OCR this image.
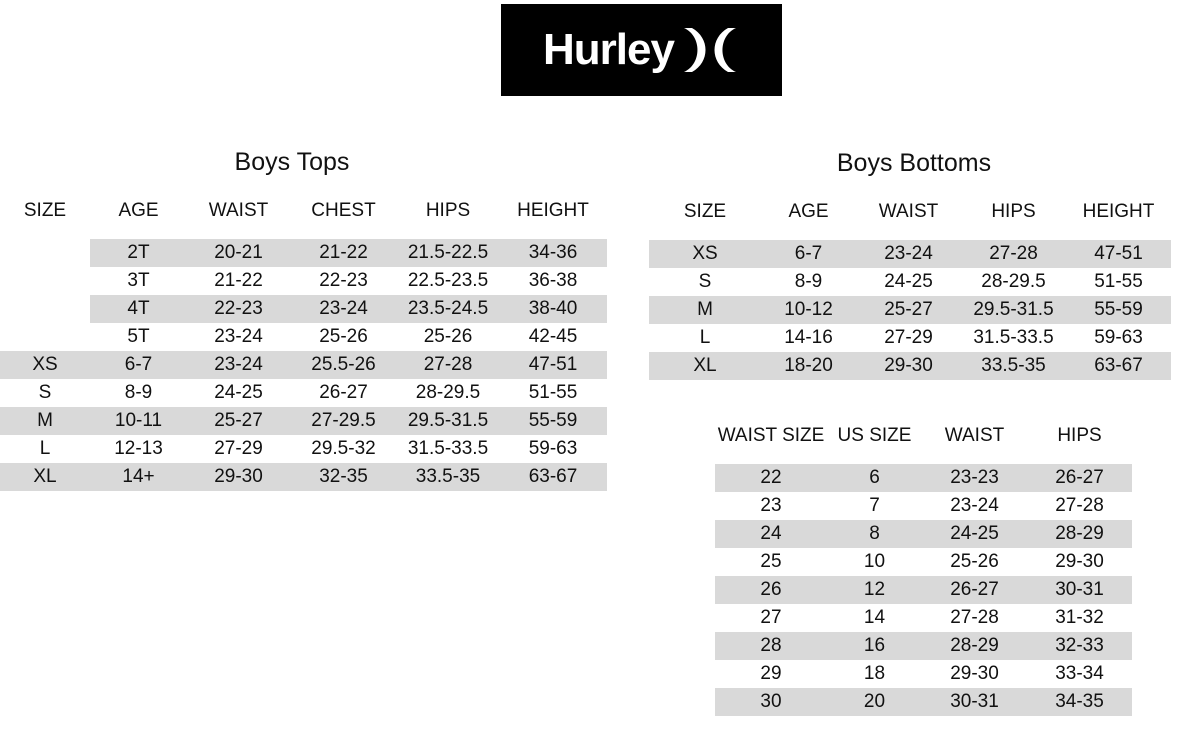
Hurley
Boys Tops
SIZE	AGE	WAIST	CHEST	HIPS	HEIGHT

	2T	20-21	21-22	21.5-22.5	34-36
	3T	21-22	22-23	22.5-23.5	36-38
	4T	22-23	23-24	23.5-24.5	38-40
	5T	23-24	25-26	25-26	42-45
XS	6-7	23-24	25.5-26	27-28	47-51
S	8-9	24-25	26-27	28-29.5	51-55
M	10-11	25-27	27-29.5	29.5-31.5	55-59
L	12-13	27-29	29.5-32	31.5-33.5	59-63
XL	14+	29-30	32-35	33.5-35	63-67
Boys Bottoms
SIZE	AGE	WAIST	HIPS	HEIGHT

XS	6-7	23-24	27-28	47-51
S	8-9	24-25	28-29.5	51-55
M	10-12	25-27	29.5-31.5	55-59
L	14-16	27-29	31.5-33.5	59-63
XL	18-20	29-30	33.5-35	63-67
WAIST SIZE	US SIZE	WAIST	HIPS

22	6	23-23	26-27
23	7	23-24	27-28
24	8	24-25	28-29
25	10	25-26	29-30
26	12	26-27	30-31
27	14	27-28	31-32
28	16	28-29	32-33
29	18	29-30	33-34
30	20	30-31	34-35
